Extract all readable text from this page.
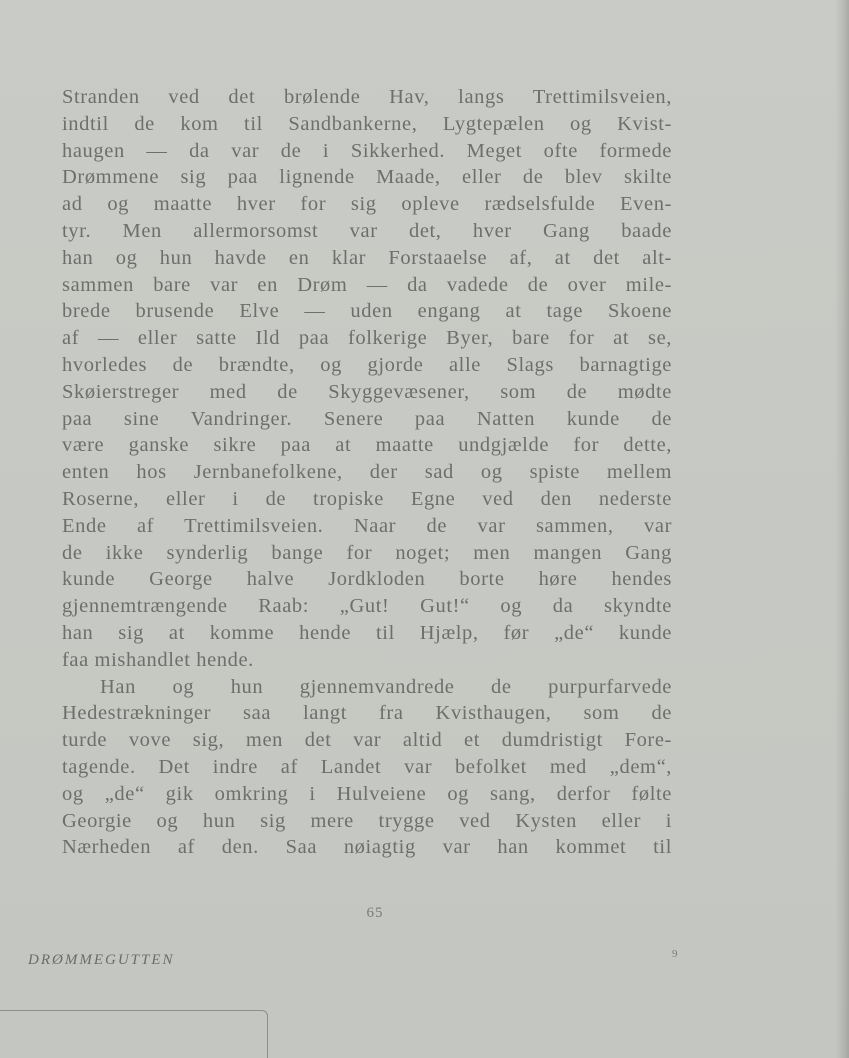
Stranden ved det brølende Hav, langs Trettimilsveien,
indtil de kom til Sandbankerne, Lygtepælen og Kvist-
haugen — da var de i Sikkerhed. Meget ofte formede
Drømmene sig paa lignende Maade, eller de blev skilte
ad og maatte hver for sig opleve rædselsfulde Even-
tyr. Men allermorsomst var det, hver Gang baade
han og hun havde en klar Forstaaelse af, at det alt-
sammen bare var en Drøm — da vadede de over mile-
brede brusende Elve — uden engang at tage Skoene
af — eller satte Ild paa folkerige Byer, bare for at se,
hvorledes de brændte, og gjorde alle Slags barnagtige
Skøierstreger med de Skyggevæsener, som de mødte
paa sine Vandringer. Senere paa Natten kunde de
være ganske sikre paa at maatte undgjælde for dette,
enten hos Jernbanefolkene, der sad og spiste mellem
Roserne, eller i de tropiske Egne ved den nederste
Ende af Trettimilsveien. Naar de var sammen, var
de ikke synderlig bange for noget; men mangen Gang
kunde George halve Jordkloden borte høre hendes
gjennemtrængende Raab: „Gut! Gut!“ og da skyndte
han sig at komme hende til Hjælp, før „de“ kunde
faa mishandlet hende.
Han og hun gjennemvandrede de purpurfarvede
Hedestrækninger saa langt fra Kvisthaugen, som de
turde vove sig, men det var altid et dumdristigt Fore-
tagende. Det indre af Landet var befolket med „dem“,
og „de“ gik omkring i Hulveiene og sang, derfor følte
Georgie og hun sig mere trygge ved Kysten eller i
Nærheden af den. Saa nøiagtig var han kommet til
65
DRØMMEGUTTEN	9
